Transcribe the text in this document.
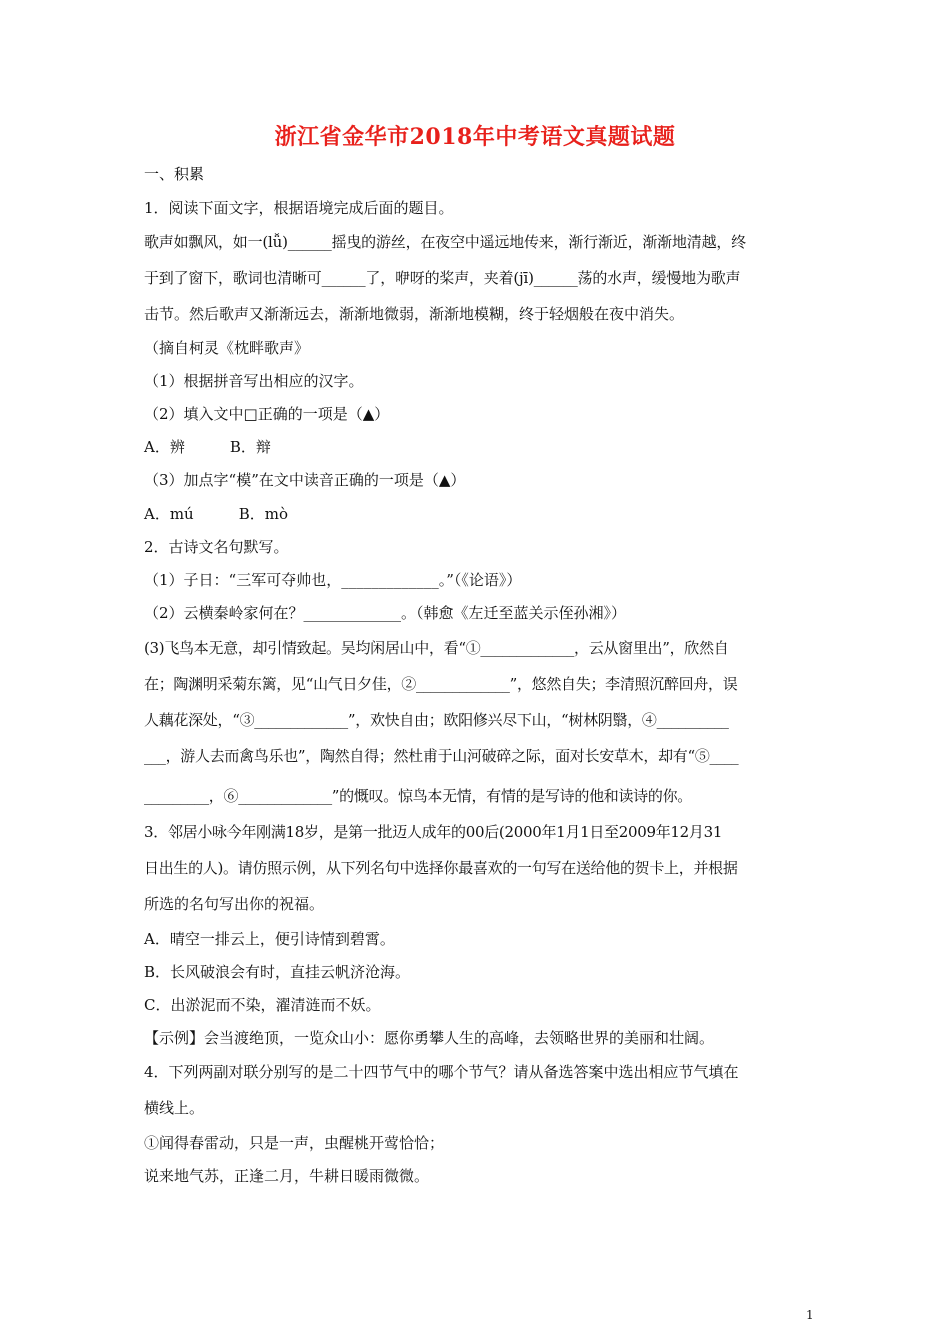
浙江省金华市2018年中考语文真题试题
一、积累
1．阅读下面文字，根据语境完成后面的题目。
歌声如飘风，如一(lǚ)______摇曳的游丝，在夜空中遥远地传来，渐行渐近，渐渐地清越，终
于到了窗下，歌词也清晰可______了，咿呀的桨声，夹着(jī)______荡的水声，缓慢地为歌声
击节。然后歌声又渐渐远去，渐渐地微弱，渐渐地模糊，终于轻烟般在夜中消失。
（摘自柯灵《枕畔歌声》
（1）根据拼音写出相应的汉字。
（2）填入文中□正确的一项是（▲）
A．辨　　　B．辩
（3）加点字“模”在文中读音正确的一项是（▲）
A．mú　　　B．mò
2．古诗文名句默写。
（1）子日：“三军可夺帅也，_____________。”（《论语》）
（2）云横秦岭家何在？_____________。（韩愈《左迁至蓝关示侄孙湘》）
(3)飞鸟本无意，却引情致起。吴均闲居山中，看“①_____________，云从窗里出”，欣然自
在；陶渊明采菊东篱，见“山气日夕佳，②_____________”，悠然自失；李清照沉醉回舟，误
人藕花深处，“③_____________”，欢快自由；欧阳修兴尽下山，“树林阴翳，④__________
___，游人去而禽鸟乐也”，陶然自得；然杜甫于山河破碎之际，面对长安草木，却有“⑤____
_________，⑥_____________”的慨叹。惊鸟本无情，有情的是写诗的他和读诗的你。
3．邻居小咏今年刚满18岁，是第一批迈人成年的00后(2000年1月1日至2009年12月31
日出生的人)。请仿照示例，从下列名句中选择你最喜欢的一句写在送给他的贺卡上，并根据
所选的名句写出你的祝福。
A．晴空一排云上，便引诗情到碧霄。
B．长风破浪会有时，直挂云帆济沧海。
C．出淤泥而不染，濯清涟而不妖。
【示例】会当渡绝顶，一览众山小：愿你勇攀人生的高峰，去领略世界的美丽和壮阔。
4．下列两副对联分别写的是二十四节气中的哪个节气？请从备选答案中选出相应节气填在
横线上。
①闻得春雷动，只是一声，虫醒桃开莺恰恰；
说来地气苏，正逢二月，牛耕日暖雨微微。
1
